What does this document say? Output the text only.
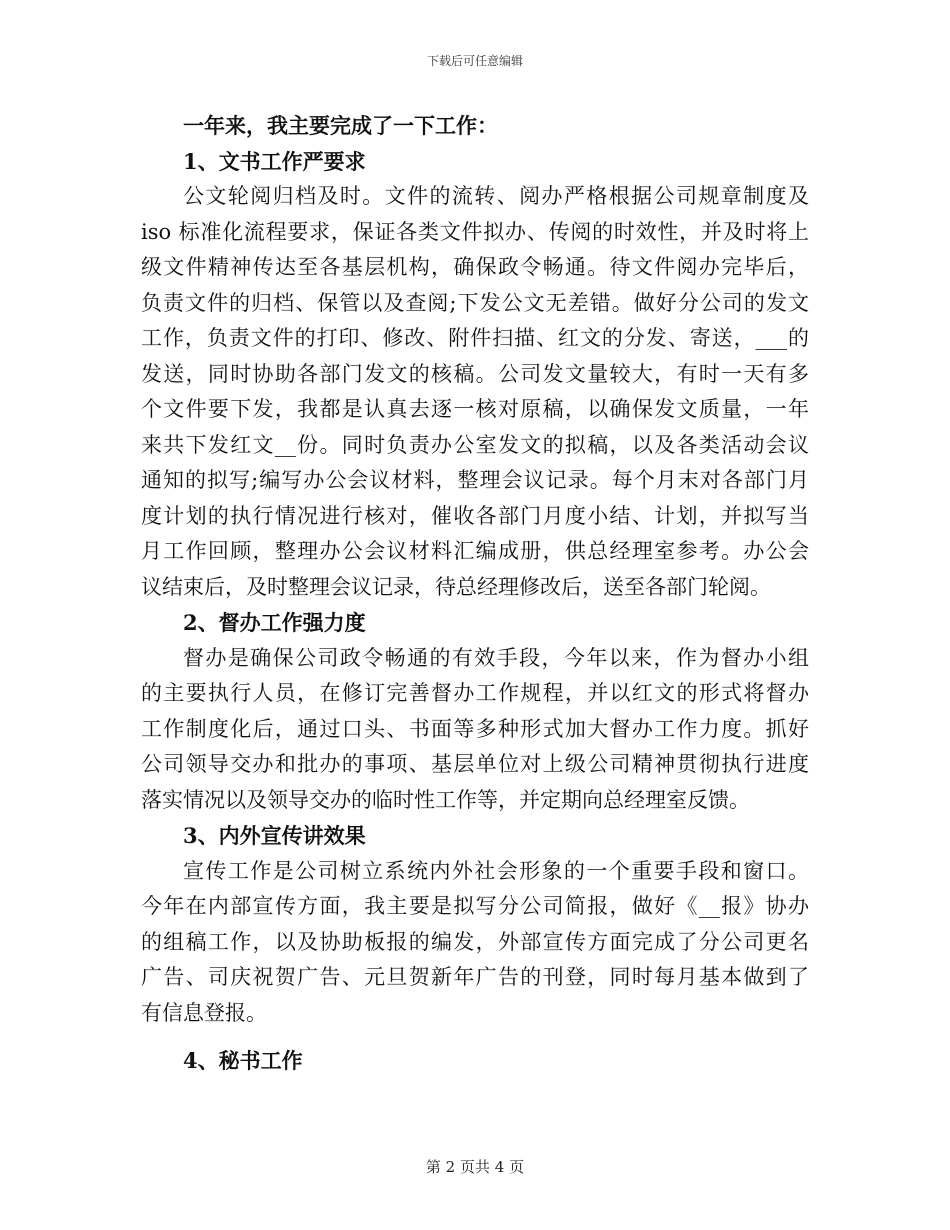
下载后可任意编辑
一年来，我主要完成了一下工作：
1、文书工作严要求
公文轮阅归档及时。文件的流转、阅办严格根据公司规章制度及
iso 标准化流程要求，保证各类文件拟办、传阅的时效性，并及时将上
级文件精神传达至各基层机构，确保政令畅通。待文件阅办完毕后，
负责文件的归档、保管以及查阅;下发公文无差错。做好分公司的发文
工作，负责文件的打印、修改、附件扫描、红文的分发、寄送，___的
发送，同时协助各部门发文的核稿。公司发文量较大，有时一天有多
个文件要下发，我都是认真去逐一核对原稿，以确保发文质量，一年
来共下发红文__份。同时负责办公室发文的拟稿，以及各类活动会议
通知的拟写;编写办公会议材料，整理会议记录。每个月末对各部门月
度计划的执行情况进行核对，催收各部门月度小结、计划，并拟写当
月工作回顾，整理办公会议材料汇编成册，供总经理室参考。办公会
议结束后，及时整理会议记录，待总经理修改后，送至各部门轮阅。
2、督办工作强力度
督办是确保公司政令畅通的有效手段，今年以来，作为督办小组
的主要执行人员，在修订完善督办工作规程，并以红文的形式将督办
工作制度化后，通过口头、书面等多种形式加大督办工作力度。抓好
公司领导交办和批办的事项、基层单位对上级公司精神贯彻执行进度
落实情况以及领导交办的临时性工作等，并定期向总经理室反馈。
3、内外宣传讲效果
宣传工作是公司树立系统内外社会形象的一个重要手段和窗口。
今年在内部宣传方面，我主要是拟写分公司简报，做好《__报》协办
的组稿工作，以及协助板报的编发，外部宣传方面完成了分公司更名
广告、司庆祝贺广告、元旦贺新年广告的刊登，同时每月基本做到了
有信息登报。
4、秘书工作
第 2 页共 4 页
